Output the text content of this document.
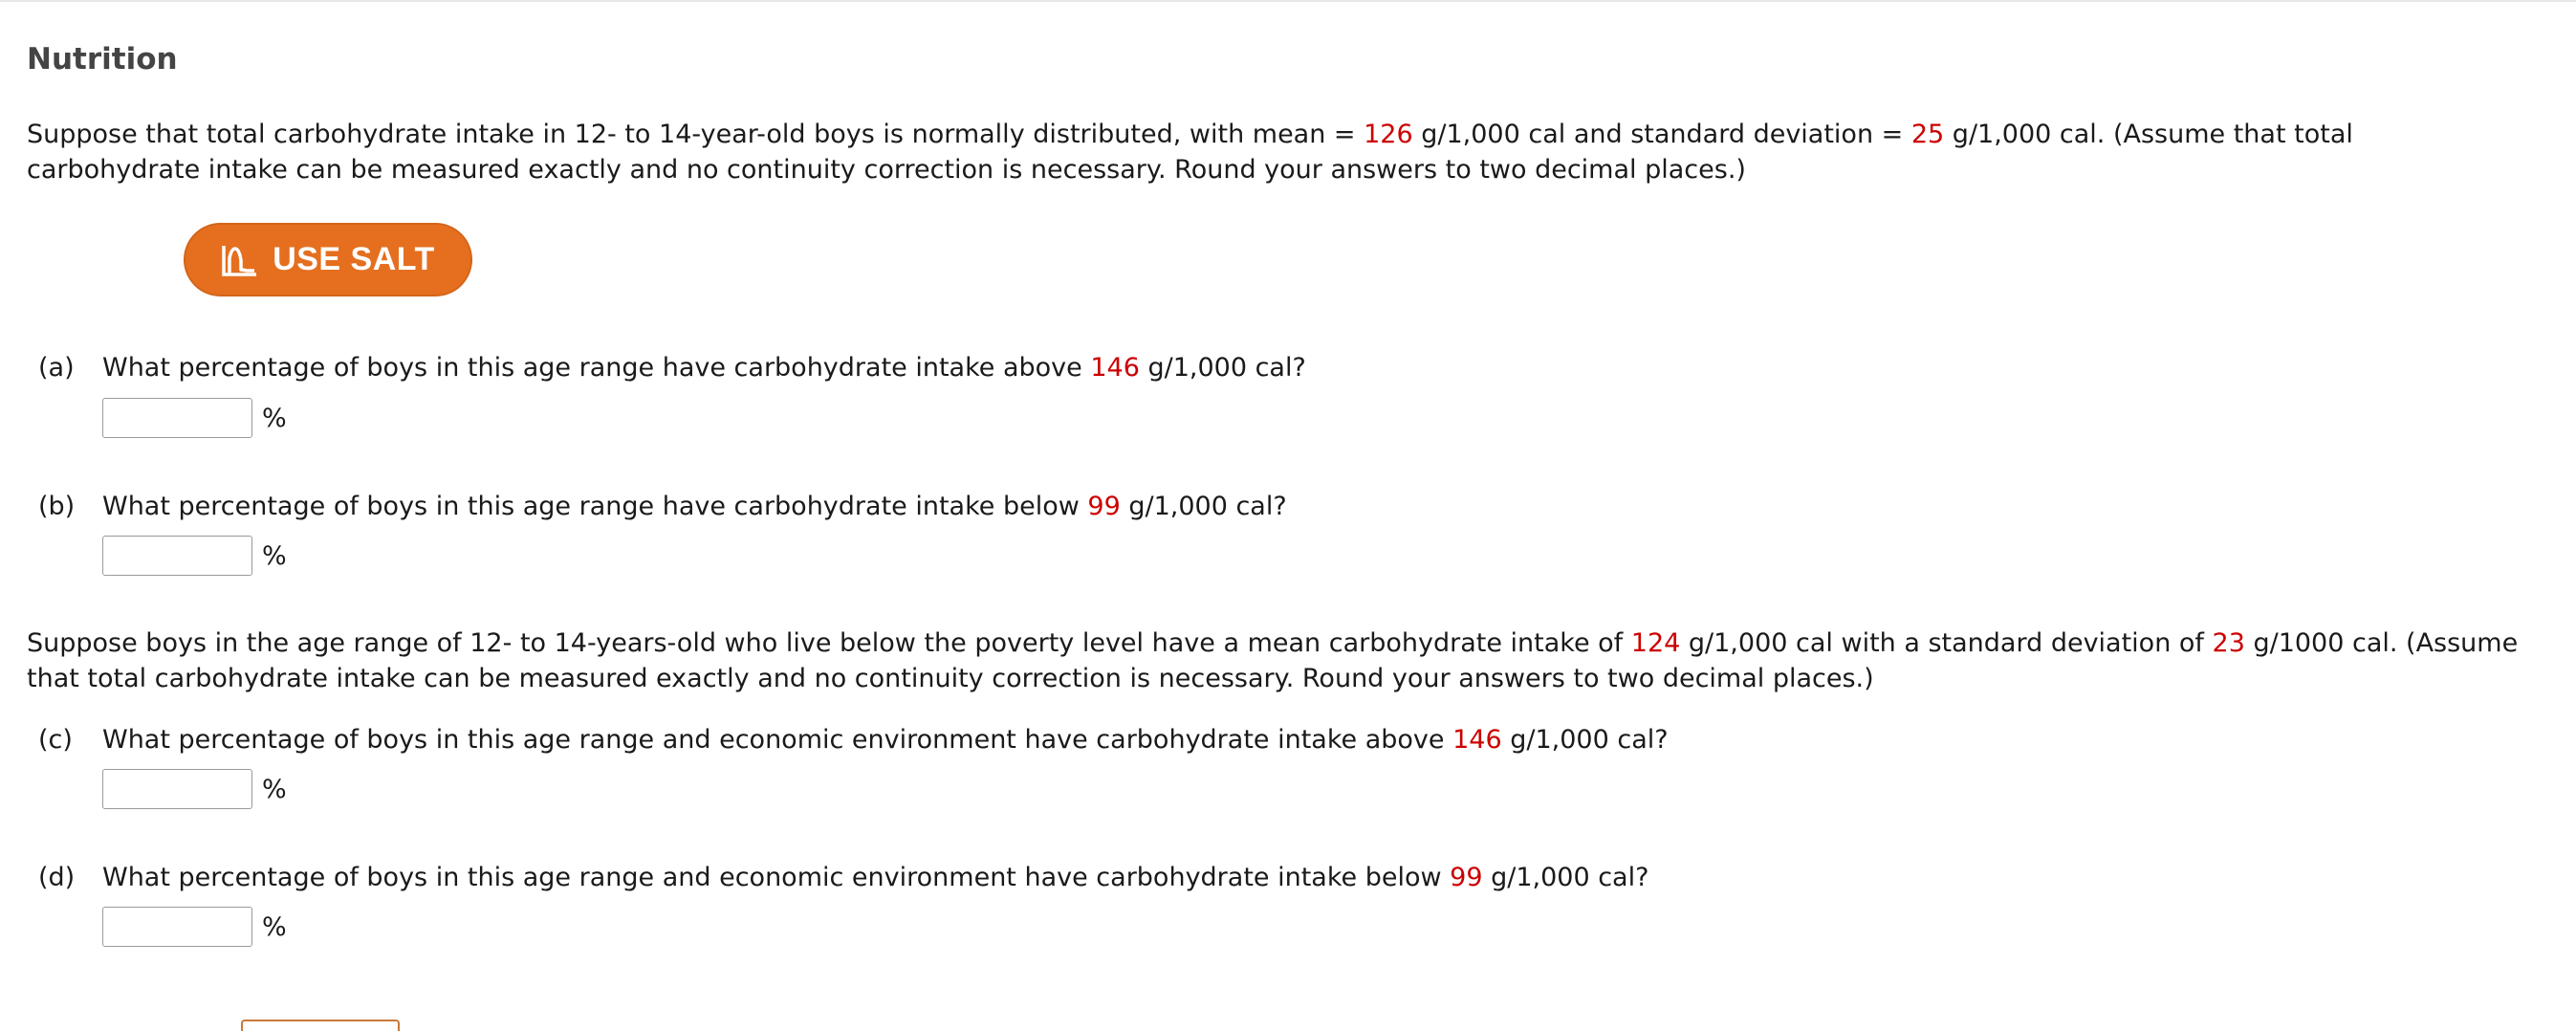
Nutrition
Suppose that total carbohydrate intake in 12- to 14-year-old boys is normally distributed, with mean = 126 g/1,000 cal and standard deviation = 25 g/1,000 cal. (Assume that total carbohydrate intake can be measured exactly and no continuity correction is necessary. Round your answers to two decimal places.)
USE SALT
(a)	What percentage of boys in this age range have carbohydrate intake above 146 g/1,000 cal?
%
(b)	What percentage of boys in this age range have carbohydrate intake below 99 g/1,000 cal?
%
Suppose boys in the age range of 12- to 14-years-old who live below the poverty level have a mean carbohydrate intake of 124 g/1,000 cal with a standard deviation of 23 g/1000 cal. (Assume that total carbohydrate intake can be measured exactly and no continuity correction is necessary. Round your answers to two decimal places.)
(c)	What percentage of boys in this age range and economic environment have carbohydrate intake above 146 g/1,000 cal?
%
(d)	What percentage of boys in this age range and economic environment have carbohydrate intake below 99 g/1,000 cal?
%
